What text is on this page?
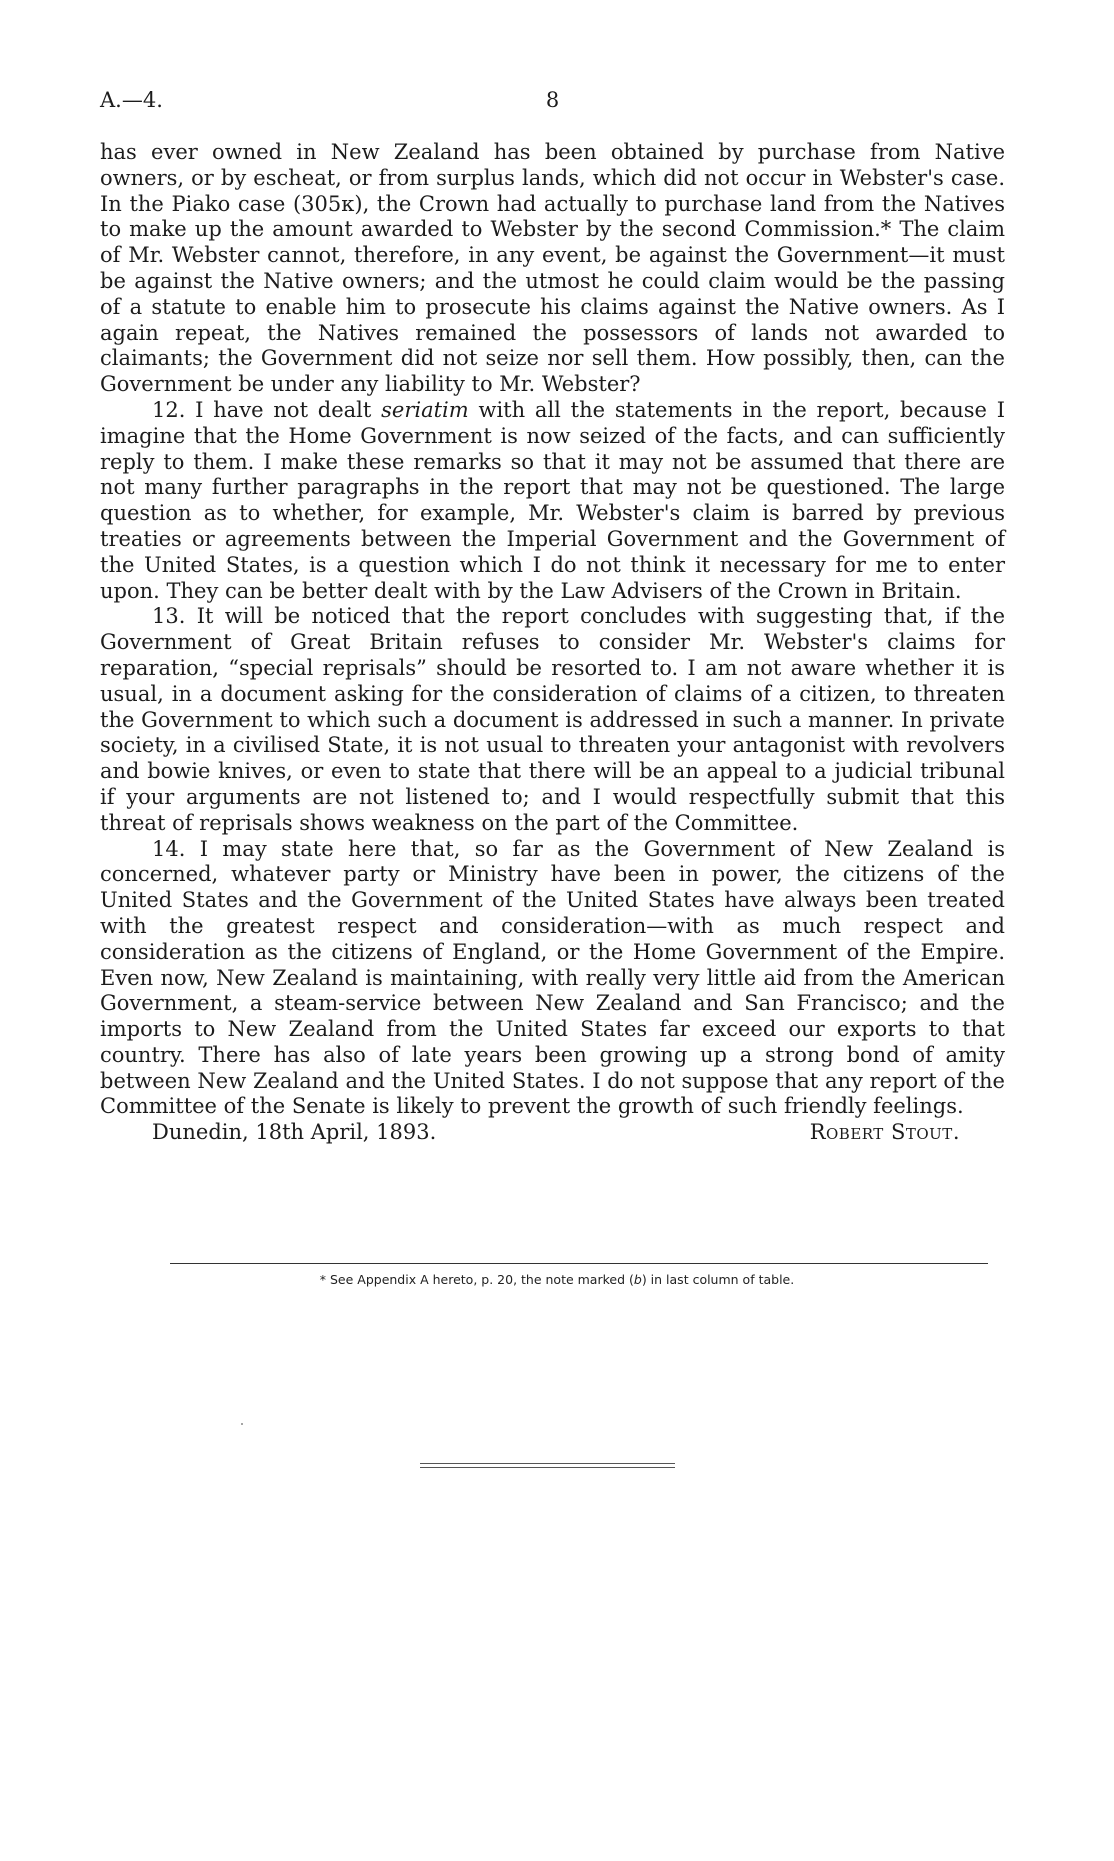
A.—4.	8

has ever owned in New Zealand has been obtained by purchase from Native owners, or by escheat, or from surplus lands, which did not occur in Webster's case. In the Piako case (305ᴋ), the Crown had actually to purchase land from the Natives to make up the amount awarded to Webster by the second Commission.* The claim of Mr. Webster cannot, therefore, in any event, be against the Government—it must be against the Native owners; and the utmost he could claim would be the passing of a statute to enable him to prosecute his claims against the Native owners. As I again repeat, the Natives remained the possessors of lands not awarded to claimants; the Government did not seize nor sell them. How possibly, then, can the Government be under any liability to Mr. Webster?

12. I have not dealt seriatim with all the statements in the report, because I imagine that the Home Government is now seized of the facts, and can sufficiently reply to them. I make these remarks so that it may not be assumed that there are not many further paragraphs in the report that may not be questioned. The large question as to whether, for example, Mr. Webster's claim is barred by previous treaties or agreements between the Imperial Government and the Government of the United States, is a question which I do not think it necessary for me to enter upon. They can be better dealt with by the Law Advisers of the Crown in Britain.

13. It will be noticed that the report concludes with suggesting that, if the Government of Great Britain refuses to consider Mr. Webster's claims for reparation, “special reprisals” should be resorted to. I am not aware whether it is usual, in a document asking for the consideration of claims of a citizen, to threaten the Government to which such a document is addressed in such a manner. In private society, in a civilised State, it is not usual to threaten your antagonist with revolvers and bowie knives, or even to state that there will be an appeal to a judicial tribunal if your arguments are not listened to; and I would respectfully submit that this threat of reprisals shows weakness on the part of the Committee.

14. I may state here that, so far as the Government of New Zealand is concerned, whatever party or Ministry have been in power, the citizens of the United States and the Government of the United States have always been treated with the greatest respect and consideration—with as much respect and consideration as the citizens of England, or the Home Government of the Empire. Even now, New Zealand is maintaining, with really very little aid from the American Government, a steam-service between New Zealand and San Francisco; and the imports to New Zealand from the United States far exceed our exports to that country. There has also of late years been growing up a strong bond of amity between New Zealand and the United States. I do not suppose that any report of the Committee of the Senate is likely to prevent the growth of such friendly feelings.

Dunedin, 18th April, 1893.	Robert Stout.
* See Appendix A hereto, p. 20, the note marked (b) in last column of table.
